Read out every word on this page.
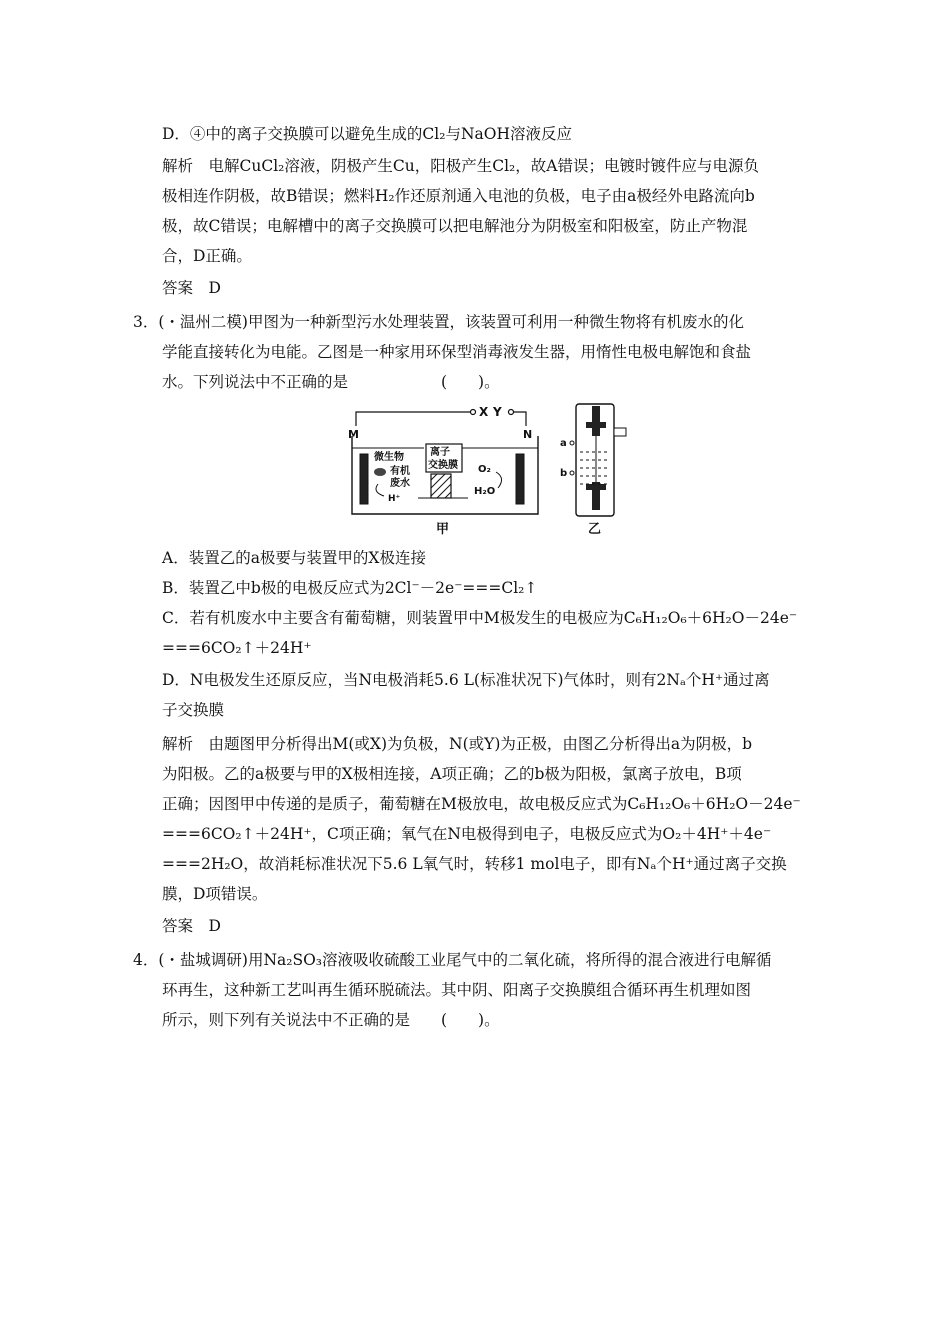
D．④中的离子交换膜可以避免生成的Cl₂与NaOH溶液反应
解析　电解CuCl₂溶液，阴极产生Cu，阳极产生Cl₂，故A错误；电镀时镀件应与电源负
极相连作阴极，故B错误；燃料H₂作还原剂通入电池的负极，电子由a极经外电路流向b
极，故C错误；电解槽中的离子交换膜可以把电解池分为阴极室和阳极室，防止产物混
合，D正确。
答案　D
3．(・温州二模)甲图为一种新型污水处理装置，该装置可利用一种微生物将有机废水的化
学能直接转化为电能。乙图是一种家用环保型消毒液发生器，用惰性电极电解饱和食盐
水。下列说法中不正确的是　　　　　　(　　)。
X Y
M	N
离子
交换膜
微生物
有机
废水
H⁺
O₂
H₂O
甲
a
b
乙
A．装置乙的a极要与装置甲的X极连接
B．装置乙中b极的电极反应式为2Cl⁻－2e⁻===Cl₂↑
C．若有机废水中主要含有葡萄糖，则装置甲中M极发生的电极应为C₆H₁₂O₆＋6H₂O－24e⁻
===6CO₂↑＋24H⁺
D．N电极发生还原反应，当N电极消耗5.6 L(标准状况下)气体时，则有2Nₐ个H⁺通过离
子交换膜
解析　由题图甲分析得出M(或X)为负极，N(或Y)为正极，由图乙分析得出a为阴极，b
为阳极。乙的a极要与甲的X极相连接，A项正确；乙的b极为阳极，氯离子放电，B项
正确；因图甲中传递的是质子，葡萄糖在M极放电，故电极反应式为C₆H₁₂O₆＋6H₂O－24e⁻
===6CO₂↑＋24H⁺，C项正确；氧气在N电极得到电子，电极反应式为O₂＋4H⁺＋4e⁻
===2H₂O，故消耗标准状况下5.6 L氧气时，转移1 mol电子，即有Nₐ个H⁺通过离子交换
膜，D项错误。
答案　D
4．(・盐城调研)用Na₂SO₃溶液吸收硫酸工业尾气中的二氧化硫，将所得的混合液进行电解循
环再生，这种新工艺叫再生循环脱硫法。其中阴、阳离子交换膜组合循环再生机理如图
所示，则下列有关说法中不正确的是　　(　　)。
